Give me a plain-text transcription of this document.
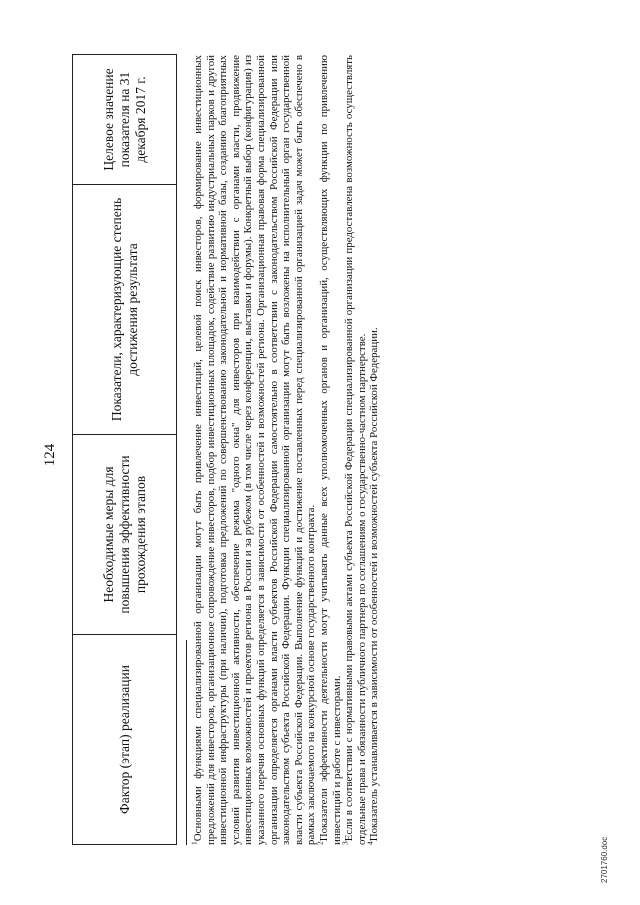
124
Фактор (этап) реализации	Необходимые меры для повышения эффективности прохождения этапов	Показатели, характеризующие степень достижения результата	Целевое значение показателя на 31 декабря 2017 г.

$^1$Основными функциями специализированной организации могут быть привлечение инвестиций, целевой поиск инвесторов, формирование инвестиционных предложений для инвесторов, организационное сопровождение инвесторов, подбор инвестиционных площадок, содействие развитию индустриальных парков и другой инвестиционной инфраструктуры (при наличии), подготовка предложений по совершенствованию законодательной и нормативной базы, созданию благоприятных условий развития инвестиционной активности, обеспечение режима "одного окна" для инвесторов при взаимодействии с органами власти, продвижение инвестиционных возможностей и проектов региона в России и за рубежом (в том числе через конференции, выставки и форумы). Конкретный выбор (конфигурация) из указанного перечня основных функций определяется в зависимости от особенностей и возможностей региона. Организационная правовая форма специализированной организации определяется органами власти субъектов Российской Федерации самостоятельно в соответствии с законодательством Российской Федерации или законодательством субъекта Российской Федерации. Функции специализированной организации могут быть возложены на исполнительный орган государственной власти субъекта Российской Федерации. Выполнение функций и достижение поставленных перед специализированной организацией задач может быть обеспечено в рамках заключаемого на конкурсной основе государственного контракта.

$^2$Показатели эффективности деятельности могут учитывать данные всех уполномоченных органов и организаций, осуществляющих функции по привлечению инвестиций и работе с инвесторами.

$^3$Если в соответствии с нормативными правовыми актами субъекта Российской Федерации специализированной организации предоставлена возможность осуществлять отдельные права и обязанности публичного партнера по соглашениям о государственно-частном партнерстве.

$^4$Показатель устанавливается в зависимости от особенностей и возможностей субъекта Российской Федерации.

2701760.doc
